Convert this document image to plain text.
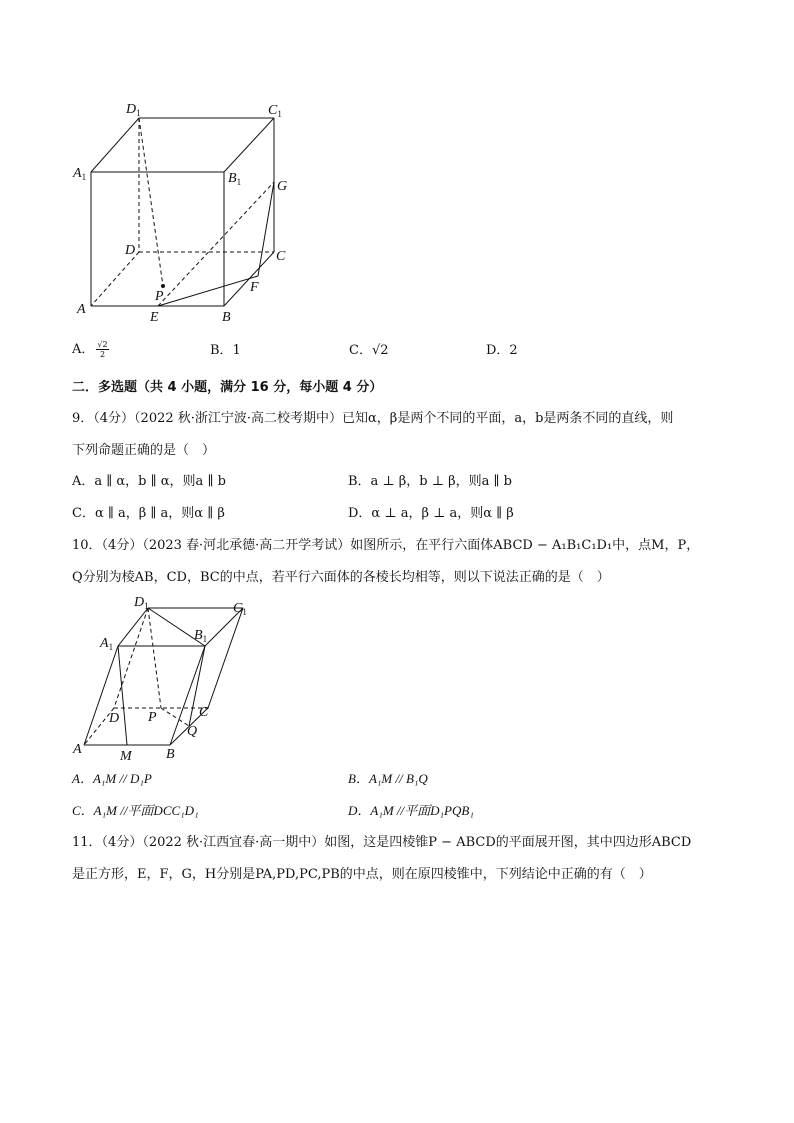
$D_1$	$C_1$
$A_1$	$B_1$	G
D	C
F
A
P
E	B
A． $\frac{√2}{2}$	B．1	C．√2	D．2
二．多选题（共 4 小题，满分 16 分，每小题 4 分）
9．（4分）（2022 秋·浙江宁波·高二校考期中）已知α，β是两个不同的平面，a，b是两条不同的直线，则
下列命题正确的是（　）
A．a ∥ α，b ∥ α，则a ∥ b	B．a ⊥ β，b ⊥ β，则a ∥ b
C．α ∥ a，β ∥ a，则α ∥ β	D．α ⊥ a，β ⊥ a，则α ∥ β
10．（4分）（2023 春·河北承德·高二开学考试）如图所示，在平行六面体ABCD − A₁B₁C₁D₁中，点M，P，
Q分别为棱AB，CD，BC的中点，若平行六面体的各棱长均相等，则以下说法正确的是（　）
$D_1$	$C_1$
$A_1$
$B_1$
D P	C
Q
A	M B
A．A₁M // D₁P	B．A₁M // B₁Q
C．A₁M //平面DCC₁D₁	D．A₁M //平面D₁PQB₁
11．（4分）（2022 秋·江西宜春·高一期中）如图，这是四棱锥P − ABCD的平面展开图，其中四边形ABCD
是正方形，E，F，G，H分别是PA,PD,PC,PB的中点，则在原四棱锥中，下列结论中正确的有（　）
